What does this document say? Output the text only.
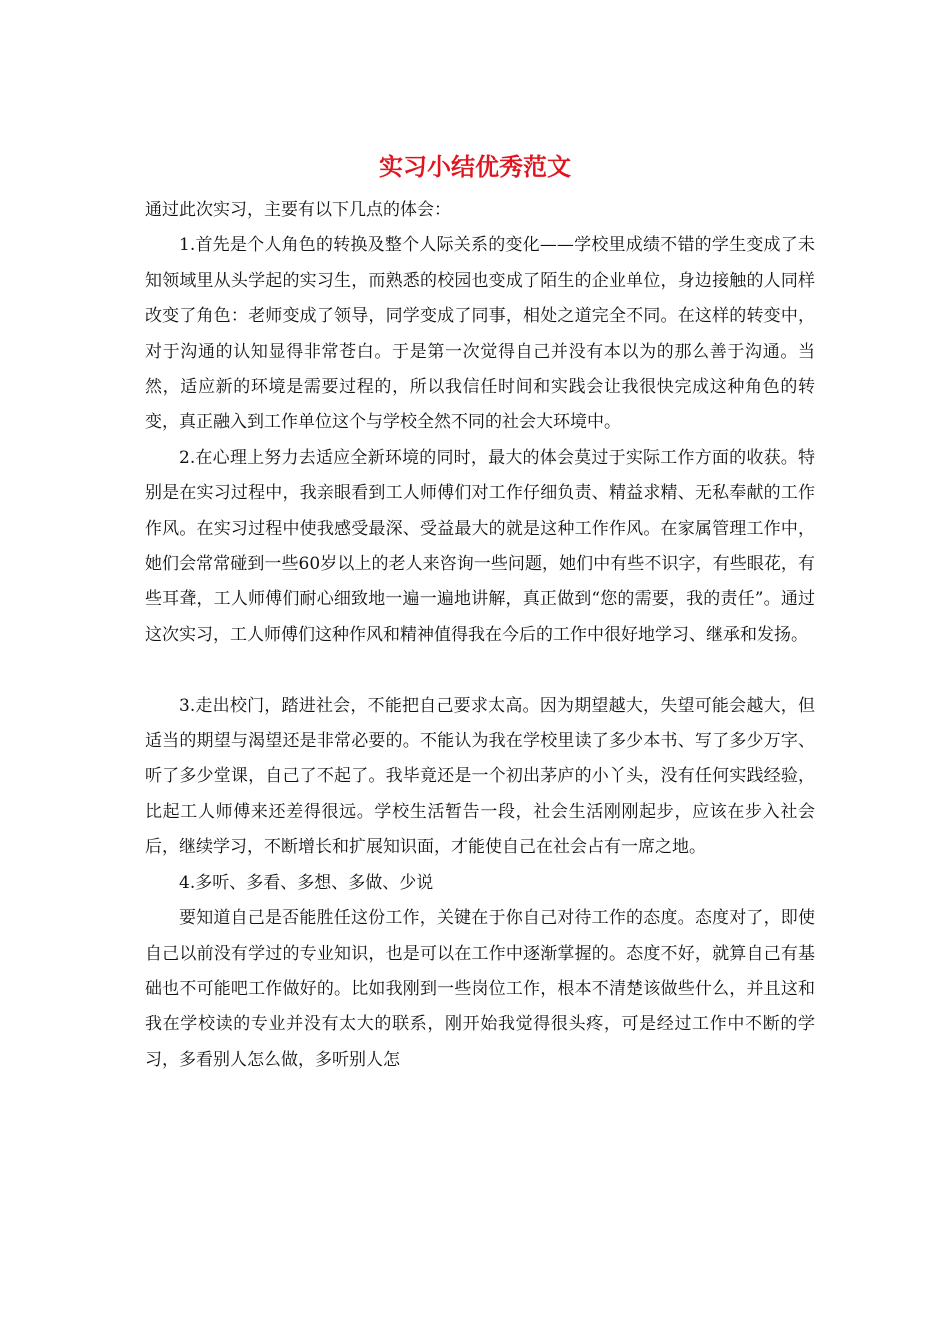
实习小结优秀范文

通过此次实习，主要有以下几点的体会：

1.首先是个人角色的转换及整个人际关系的变化——学校里成绩不错的学生变成了未知领域里从头学起的实习生，而熟悉的校园也变成了陌生的企业单位，身边接触的人同样改变了角色：老师变成了领导，同学变成了同事，相处之道完全不同。在这样的转变中，对于沟通的认知显得非常苍白。于是第一次觉得自己并没有本以为的那么善于沟通。当然，适应新的环境是需要过程的，所以我信任时间和实践会让我很快完成这种角色的转变，真正融入到工作单位这个与学校全然不同的社会大环境中。

2.在心理上努力去适应全新环境的同时，最大的体会莫过于实际工作方面的收获。特别是在实习过程中，我亲眼看到工人师傅们对工作仔细负责、精益求精、无私奉献的工作作风。在实习过程中使我感受最深、受益最大的就是这种工作作风。在家属管理工作中，她们会常常碰到一些60岁以上的老人来咨询一些问题，她们中有些不识字，有些眼花，有些耳聋，工人师傅们耐心细致地一遍一遍地讲解，真正做到“您的需要，我的责任”。通过这次实习，工人师傅们这种作风和精神值得我在今后的工作中很好地学习、继承和发扬。

3.走出校门，踏进社会，不能把自己要求太高。因为期望越大，失望可能会越大，但适当的期望与渴望还是非常必要的。不能认为我在学校里读了多少本书、写了多少万字、听了多少堂课，自己了不起了。我毕竟还是一个初出茅庐的小丫头，没有任何实践经验，比起工人师傅来还差得很远。学校生活暂告一段，社会生活刚刚起步，应该在步入社会后，继续学习，不断增长和扩展知识面，才能使自己在社会占有一席之地。

4.多听、多看、多想、多做、少说

要知道自己是否能胜任这份工作，关键在于你自己对待工作的态度。态度对了，即使自己以前没有学过的专业知识，也是可以在工作中逐渐掌握的。态度不好，就算自己有基础也不可能吧工作做好的。比如我刚到一些岗位工作，根本不清楚该做些什么，并且这和我在学校读的专业并没有太大的联系，刚开始我觉得很头疼，可是经过工作中不断的学习，多看别人怎么做，多听别人怎
